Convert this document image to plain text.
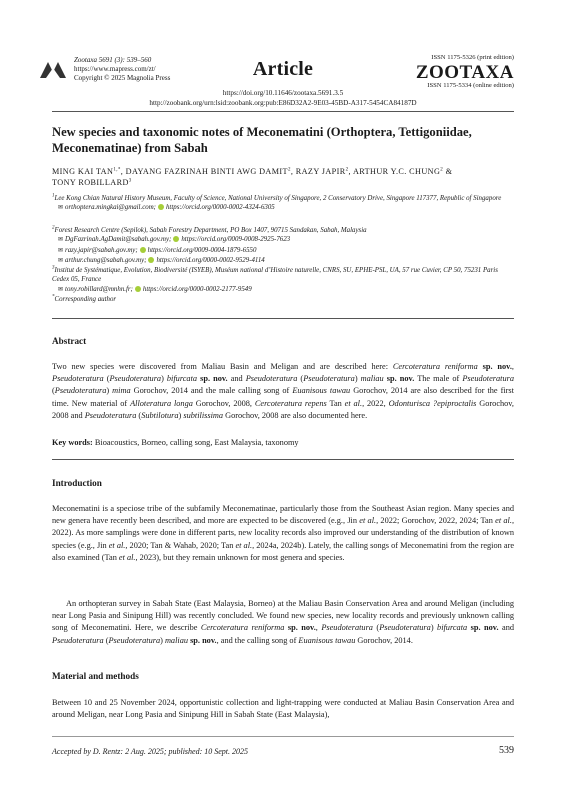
Zootaxa 5691 (3): 539–560
https://www.mapress.com/zt/
Copyright © 2025 Magnolia Press	Article
ISSN 1175-5326 (print edition)
ZOOTAXA
ISSN 1175-5334 (online edition)
https://doi.org/10.11646/zootaxa.5691.3.5
http://zoobank.org/urn:lsid:zoobank.org:pub:E86D32A2-9E03-45BD-A317-5454CA84187D
New species and taxonomic notes of Meconematini (Orthoptera, Tettigoniidae, Meconematinae) from Sabah
MING KAI $TAN^{1,*}$, DAYANG FAZRINAH BINTI AWG DAMIT$^2$, RAZY JAPIR$^2$, ARTHUR Y.C. CHUNG$^2$ &
TONY ROBILLARD$^3$
$^1$Lee Kong Chian Natural History Museum, Faculty of Science, National University of Singapore, 2 Conservatory Drive, Singapore 117377, Republic of Singapore
✉ orthoptera.mingkai@gmail.com; https://orcid.org/0000-0002-4324-6305
$^2$Forest Research Centre (Sepilok), Sabah Forestry Department, PO Box 1407, 90715 Sandakan, Sabah, Malaysia
✉ DgFazrinah.AgDamit@sabah.gov.my; https://orcid.org/0009-0008-2925-7623
✉ razy.japir@sabah.gov.my; https://orcid.org/0009-0004-1879-6550
✉ arthur.chung@sabah.gov.my; https://orcid.org/0000-0002-9529-4114
$^3$Institut de Systématique, Evolution, Biodiversité (ISYEB), Muséum national d’Histoire naturelle, CNRS, SU, EPHE-PSL, UA, 57 rue Cuvier, CP 50, 75231 Paris Cedex 05, France
✉ tony.robillard@mnhn.fr; https://orcid.org/0000-0002-2177-9549
*Corresponding author
Abstract
Two new species were discovered from Maliau Basin and Meligan and are described here: Cercoteratura reniforma sp. nov., Pseudoteratura (Pseudoteratura) bifurcata sp. nov. and Pseudoteratura (Pseudoteratura) maliau sp. nov. The male of Pseudoteratura (Pseudoteratura) mima Gorochov, 2014 and the male calling song of Euanisous tawau Gorochov, 2014 are also described for the first time. New material of Alloteratura longa Gorochov, 2008, Cercoteratura repens Tan et al., 2022, Odonturisca ?epiproctalis Gorochov, 2008 and Pseudoteratura (Subtilotura) subtilissima Gorochov, 2008 are also documented here.
Key words: Bioacoustics, Borneo, calling song, East Malaysia, taxonomy
Introduction
Meconematini is a speciose tribe of the subfamily Meconematinae, particularly those from the Southeast Asian region. Many species and new genera have recently been described, and more are expected to be discovered (e.g., Jin et al., 2022; Gorochov, 2022, 2024; Tan et al., 2022). As more samplings were done in different parts, new locality records also improved our understanding of the distribution of known species (e.g., Jin et al., 2020; Tan & Wahab, 2020; Tan et al., 2024a, 2024b). Lately, the calling songs of Meconematini from the region are also examined (Tan et al., 2023), but they remain unknown for most genera and species.
An orthopteran survey in Sabah State (East Malaysia, Borneo) at the Maliau Basin Conservation Area and around Meligan (including near Long Pasia and Sinipung Hill) was recently concluded. We found new species, new locality records and previously unknown calling song of Meconematini. Here, we describe Cercoteratura reniforma sp. nov., Pseudoteratura (Pseudoteratura) bifurcata sp. nov. and Pseudoteratura (Pseudoteratura) maliau sp. nov., and the calling song of Euanisous tawau Gorochov, 2014.
Material and methods
Between 10 and 25 November 2024, opportunistic collection and light-trapping were conducted at Maliau Basin Conservation Area and around Meligan, near Long Pasia and Sinipung Hill in Sabah State (East Malaysia),
Accepted by D. Rentz: 2 Aug. 2025; published: 10 Sept. 2025	539
